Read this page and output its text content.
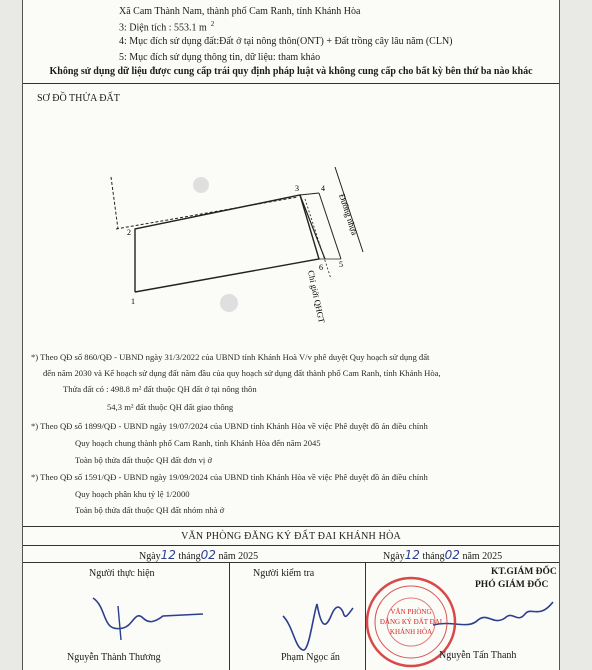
Xã Cam Thành Nam, thành phố Cam Ranh, tỉnh Khánh Hòa
3: Diện tích : 553.1 m $^2$
4: Mục đích sử dụng đất:Đất ở tại nông thôn(ONT) + Đất trồng cây lâu năm (CLN)
5: Mục đích sử dụng thông tin, dữ liệu: tham khảo
Không sử dụng dữ liệu được cung cấp trái quy định pháp luật và không cung cấp cho bất kỳ bên thứ ba nào khác
SƠ ĐỒ THỬA ĐẤT
1
2
3	4
5
6
Đường nhựa
Chỉ giới QHGT
*) Theo QĐ số 860/QĐ - UBND ngày 31/3/2022 của UBND tỉnh Khánh Hoà V/v phê duyệt Quy hoạch sử dụng đất
đến năm 2030 và Kế hoạch sử dụng đất năm đầu của quy hoạch sử dụng đất thành phố Cam Ranh, tỉnh Khánh Hòa,
Thửa đất có : 498.8 m² đất thuộc QH đất ở tại nông thôn
54,3 m² đất thuộc QH đất giao thông
*) Theo QĐ số 1899/QĐ - UBND ngày 19/07/2024 của UBND tỉnh Khánh Hòa về việc Phê duyệt đồ án điều chỉnh
Quy hoạch chung thành phố Cam Ranh, tỉnh Khánh Hòa đến năm 2045
Toàn bộ thửa đất thuộc QH đất đơn vị ở
*) Theo QĐ số 1591/QĐ - UBND ngày 19/09/2024 của UBND tỉnh Khánh Hòa về việc Phê duyệt đồ án điều chỉnh
Quy hoạch phân khu tỷ lệ 1/2000
Toàn bộ thửa đất thuộc QH đất nhóm nhà ở
VĂN PHÒNG ĐĂNG KÝ ĐẤT ĐAI KHÁNH HÒA
Ngày12 tháng02 năm 2025	Ngày12 tháng02 năm 2025
Người thực hiện	Người kiểm tra	KT.GIÁM ĐỐC
PHÓ GIÁM ĐỐC
VĂN PHÒNG
ĐĂNG KÝ ĐẤT ĐAI
KHÁNH HÒA
Nguyễn Thành Thương	Phạm Ngọc ẩn	Nguyễn Tấn Thanh
